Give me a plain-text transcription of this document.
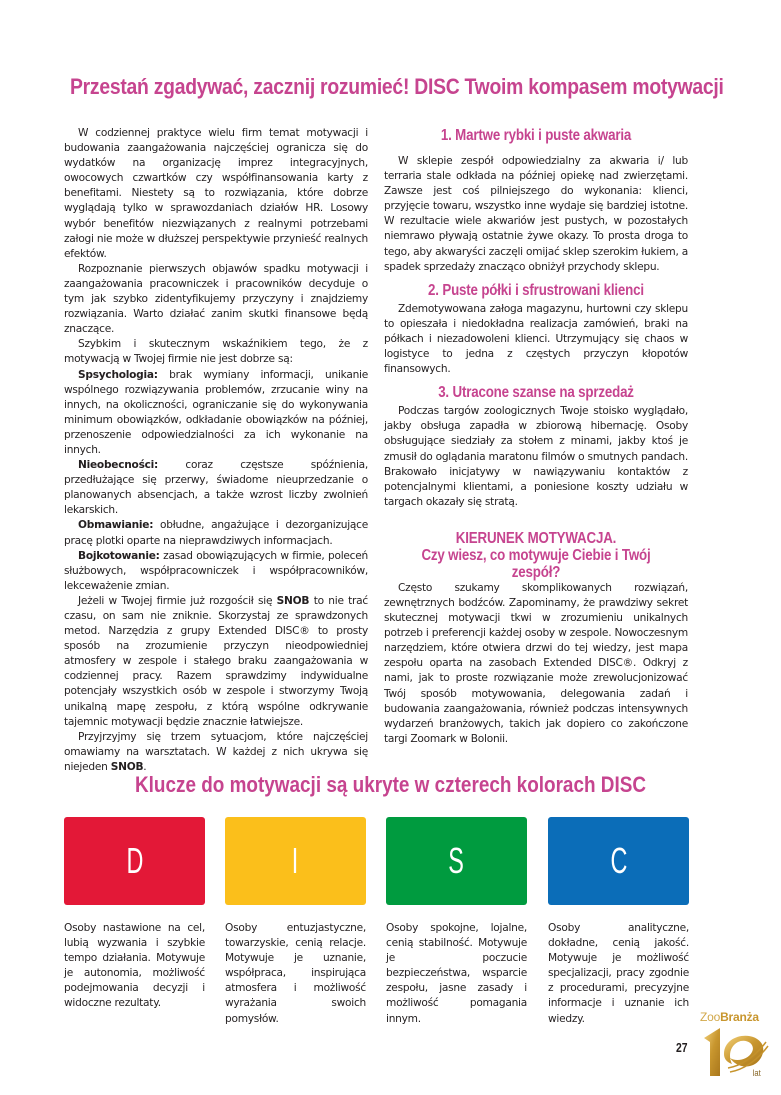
Przestań zgadywać, zacznij rozumieć! DISC Twoim kompasem motywacji

W codziennej praktyce wielu firm temat motywacji i budowania zaangażowania najczęściej ogranicza się do wydatków na organizację imprez integracyjnych, owocowych czwartków czy współfinansowania karty z benefitami. Niestety są to rozwiązania, które dobrze wyglądają tylko w sprawozdaniach działów HR. Losowy wybór benefitów niezwiązanych z realnymi potrzebami załogi nie może w dłuższej perspektywie przynieść realnych efektów.

Rozpoznanie pierwszych objawów spadku motywacji i zaangażowania pracowniczek i pracowników decyduje o tym jak szybko zidentyfikujemy przyczyny i znajdziemy rozwiązania. Warto działać zanim skutki finansowe będą znaczące.

Szybkim i skutecznym wskaźnikiem tego, że z motywacją w Twojej firmie nie jest dobrze są:

Spsychologia: brak wymiany informacji, unikanie wspólnego rozwiązywania problemów, zrzucanie winy na innych, na okoliczności, ograniczanie się do wykonywania minimum obowiązków, odkładanie obowiązków na później, przenoszenie odpowiedzialności za ich wykonanie na innych.

Nieobecności: coraz częstsze spóźnienia, przedłużające się przerwy, świadome nieuprzedzanie o planowanych absencjach, a także wzrost liczby zwolnień lekarskich.

Obmawianie: obłudne, angażujące i dezorganizujące pracę plotki oparte na nieprawdziwych informacjach.

Bojkotowanie: zasad obowiązujących w firmie, poleceń służbowych, współpracowniczek i współpracowników, lekceważenie zmian.

Jeżeli w Twojej firmie już rozgościł się SNOB to nie trać czasu, on sam nie zniknie. Skorzystaj ze sprawdzonych metod. Narzędzia z grupy Extended DISC® to prosty sposób na zrozumienie przyczyn nieodpowiedniej atmosfery w zespole i stałego braku zaangażowania w codziennej pracy. Razem sprawdzimy indywidualne potencjały wszystkich osób w zespole i stworzymy Twoją unikalną mapę zespołu, z którą wspólne odkrywanie tajemnic motywacji będzie znacznie łatwiejsze.

Przyjrzyjmy się trzem sytuacjom, które najczęściej omawiamy na warsztatach. W każdej z nich ukrywa się niejeden SNOB.

1. Martwe rybki i puste akwaria

W sklepie zespół odpowiedzialny za akwaria i/ lub terraria stale odkłada na później opiekę nad zwierzętami. Zawsze jest coś pilniejszego do wykonania: klienci, przyjęcie towaru, wszystko inne wydaje się bardziej istotne. W rezultacie wiele akwariów jest pustych, w pozostałych niemrawo pływają ostatnie żywe okazy. To prosta droga to tego, aby akwaryści zaczęli omijać sklep szerokim łukiem, a spadek sprzedaży znacząco obniżył przychody sklepu.

2. Puste półki i sfrustrowani klienci

Zdemotywowana załoga magazynu, hurtowni czy sklepu to opieszała i niedokładna realizacja zamówień, braki na półkach i niezadowoleni klienci. Utrzymujący się chaos w logistyce to jedna z częstych przyczyn kłopotów finansowych.

3. Utracone szanse na sprzedaż

Podczas targów zoologicznych Twoje stoisko wyglądało, jakby obsługa zapadła w zbiorową hibernację. Osoby obsługujące siedziały za stołem z minami, jakby ktoś je zmusił do oglądania maratonu filmów o smutnych pandach. Brakowało inicjatywy w nawiązywaniu kontaktów z potencjalnymi klientami, a poniesione koszty udziału w targach okazały się stratą.

KIERUNEK MOTYWACJA.
Czy wiesz, co motywuje Ciebie i Twój zespół?

Często szukamy skomplikowanych rozwiązań, zewnętrznych bodźców. Zapominamy, że prawdziwy sekret skutecznej motywacji tkwi w zrozumieniu unikalnych potrzeb i preferencji każdej osoby w zespole. Nowoczesnym narzędziem, które otwiera drzwi do tej wiedzy, jest mapa zespołu oparta na zasobach Extended DISC®. Odkryj z nami, jak to proste rozwiązanie może zrewolucjonizować Twój sposób motywowania, delegowania zadań i budowania zaangażowania, również podczas intensywnych wydarzeń branżowych, takich jak dopiero co zakończone targi Zoomark w Bolonii.

Klucze do motywacji są ukryte w czterech kolorach DISC
D	I	S	C

Osoby nastawione na cel, lubią wyzwania i szybkie tempo działania. Motywuje je autonomia, możliwość podejmowania decyzji i widoczne rezultaty.

Osoby entuzjastyczne, towarzyskie, cenią relacje. Motywuje je uznanie, współpraca, inspirująca atmosfera i możliwość wyrażania swoich pomysłów.

Osoby spokojne, lojalne, cenią stabilność. Motywuje je poczucie bezpieczeństwa, wsparcie zespołu, jasne zasady i możliwość pomagania innym.

Osoby analityczne, dokładne, cenią jakość. Motywuje je możliwość specjalizacji, pracy zgodnie z procedurami, precyzyjne informacje i uznanie ich wiedzy.

27
ZooBranża
lat
